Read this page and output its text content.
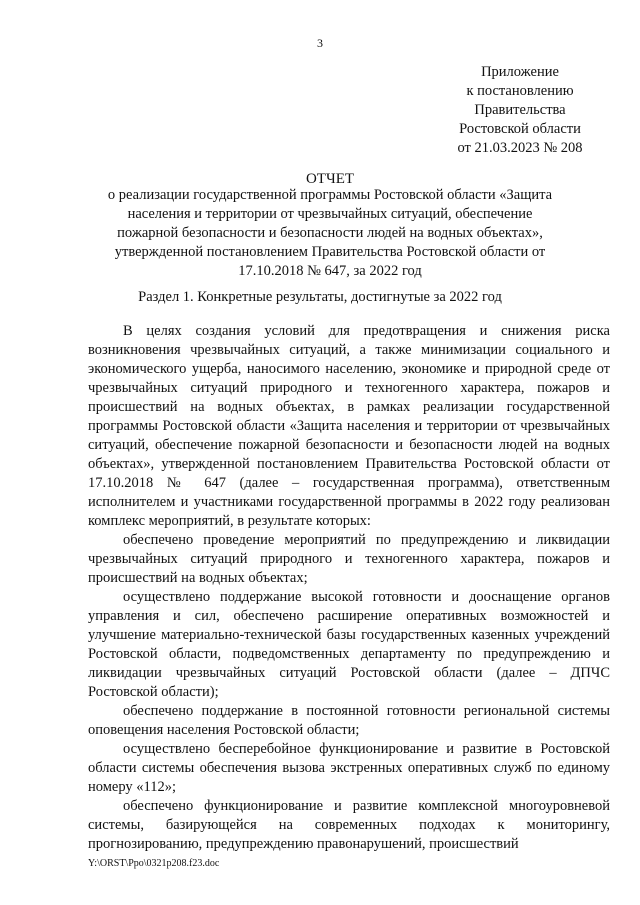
3
Приложение
к постановлению
Правительства
Ростовской области
от 21.03.2023 № 208
ОТЧЕТ
о реализации государственной программы Ростовской области «Защита населения и территории от чрезвычайных ситуаций, обеспечение пожарной безопасности и безопасности людей на водных объектах», утвержденной постановлением Правительства Ростовской области от 17.10.2018 № 647, за 2022 год
Раздел 1. Конкретные результаты, достигнутые за 2022 год

В целях создания условий для предотвращения и снижения риска возникновения чрезвычайных ситуаций, а также минимизации социального и экономического ущерба, наносимого населению, экономике и природной среде от чрезвычайных ситуаций природного и техногенного характера, пожаров и происшествий на водных объектах, в рамках реализации государственной программы Ростовской области «Защита населения и территории от чрезвычайных ситуаций, обеспечение пожарной безопасности и безопасности людей на водных объектах», утвержденной постановлением Правительства Ростовской области от 17.10.2018 № 647 (далее – государственная программа), ответственным исполнителем и участниками государственной программы в 2022 году реализован комплекс мероприятий, в результате которых:

обеспечено проведение мероприятий по предупреждению и ликвидации чрезвычайных ситуаций природного и техногенного характера, пожаров и происшествий на водных объектах;

осуществлено поддержание высокой готовности и дооснащение органов управления и сил, обеспечено расширение оперативных возможностей и улучшение материально-технической базы государственных казенных учреждений Ростовской области, подведомственных департаменту по предупреждению и ликвидации чрезвычайных ситуаций Ростовской области (далее – ДПЧС Ростовской области);

обеспечено поддержание в постоянной готовности региональной системы оповещения населения Ростовской области;

осуществлено бесперебойное функционирование и развитие в Ростовской области системы обеспечения вызова экстренных оперативных служб по единому номеру «112»;

обеспечено функционирование и развитие комплексной многоуровневой системы, базирующейся на современных подходах к мониторингу, прогнозированию, предупреждению правонарушений, происшествий

Y:\ORST\Ppo\0321p208.f23.doc
